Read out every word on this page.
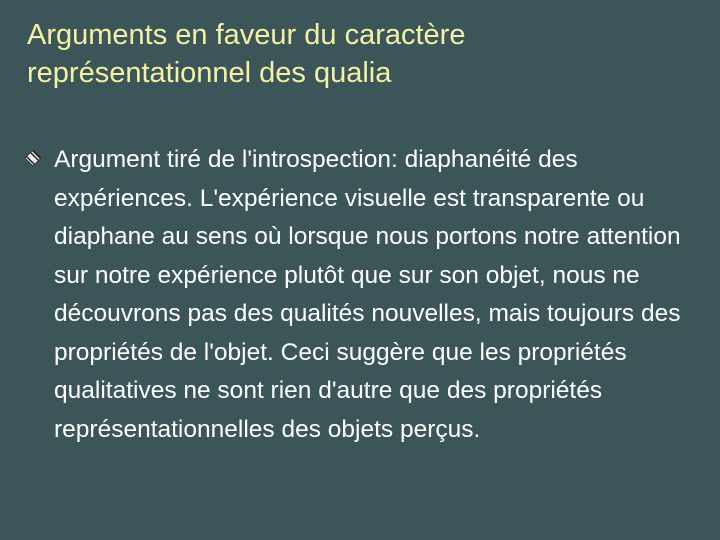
Arguments en faveur du caractère représentationnel des qualia

Argument tiré de l'introspection: diaphanéité des expériences. L'expérience visuelle est transparente ou diaphane au sens où lorsque nous portons notre attention sur notre expérience plutôt que sur son objet, nous ne découvrons pas des qualités nouvelles, mais toujours des propriétés de l'objet. Ceci suggère que les propriétés qualitatives ne sont rien d'autre que des propriétés représentationnelles des objets perçus.
